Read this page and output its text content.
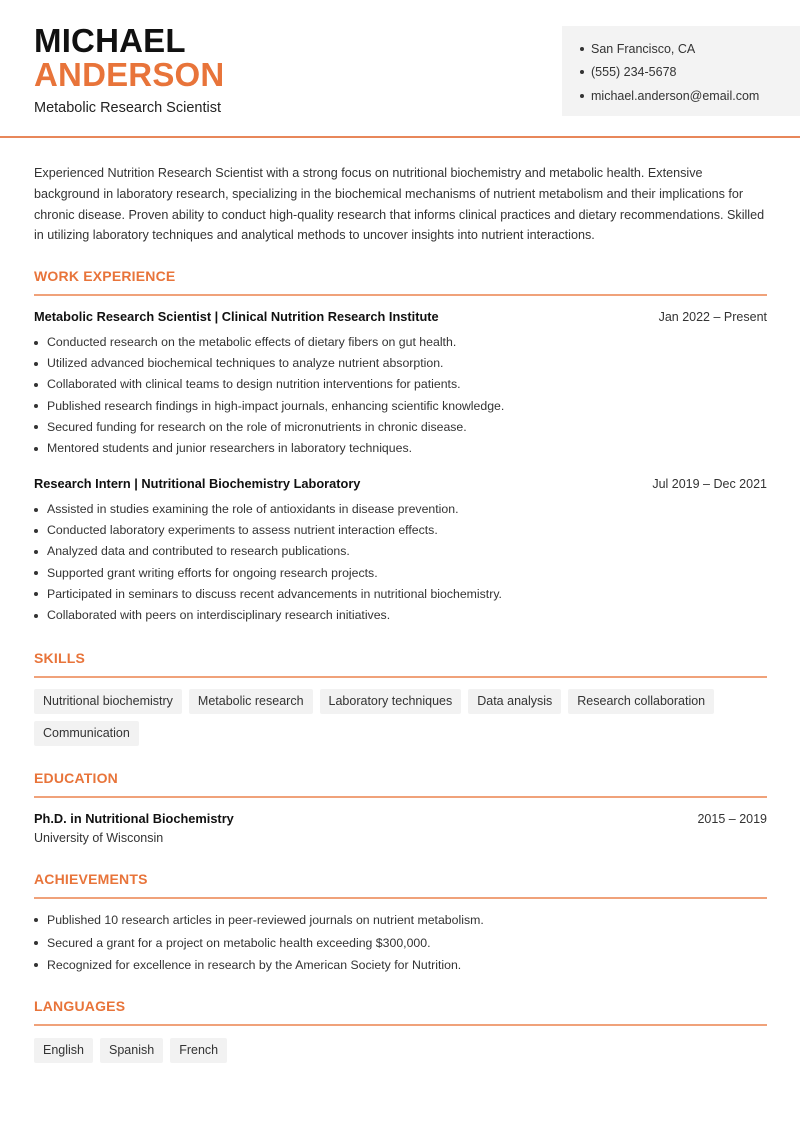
MICHAEL
ANDERSON
Metabolic Research Scientist
San Francisco, CA
(555) 234-5678
michael.anderson@email.com

Experienced Nutrition Research Scientist with a strong focus on nutritional biochemistry and metabolic health. Extensive background in laboratory research, specializing in the biochemical mechanisms of nutrient metabolism and their implications for chronic disease. Proven ability to conduct high-quality research that informs clinical practices and dietary recommendations. Skilled in utilizing laboratory techniques and analytical methods to uncover insights into nutrient interactions.

WORK EXPERIENCE
Metabolic Research Scientist | Clinical Nutrition Research Institute	Jan 2022 – Present
Conducted research on the metabolic effects of dietary fibers on gut health.
Utilized advanced biochemical techniques to analyze nutrient absorption.
Collaborated with clinical teams to design nutrition interventions for patients.
Published research findings in high-impact journals, enhancing scientific knowledge.
Secured funding for research on the role of micronutrients in chronic disease.
Mentored students and junior researchers in laboratory techniques.
Research Intern | Nutritional Biochemistry Laboratory	Jul 2019 – Dec 2021
Assisted in studies examining the role of antioxidants in disease prevention.
Conducted laboratory experiments to assess nutrient interaction effects.
Analyzed data and contributed to research publications.
Supported grant writing efforts for ongoing research projects.
Participated in seminars to discuss recent advancements in nutritional biochemistry.
Collaborated with peers on interdisciplinary research initiatives.
SKILLS
Nutritional biochemistry	Metabolic research	Laboratory techniques	Data analysis	Research collaboration
Communication
EDUCATION
Ph.D. in Nutritional Biochemistry	2015 – 2019
University of Wisconsin
ACHIEVEMENTS
Published 10 research articles in peer-reviewed journals on nutrient metabolism.
Secured a grant for a project on metabolic health exceeding $300,000.
Recognized for excellence in research by the American Society for Nutrition.
LANGUAGES
English	Spanish	French
